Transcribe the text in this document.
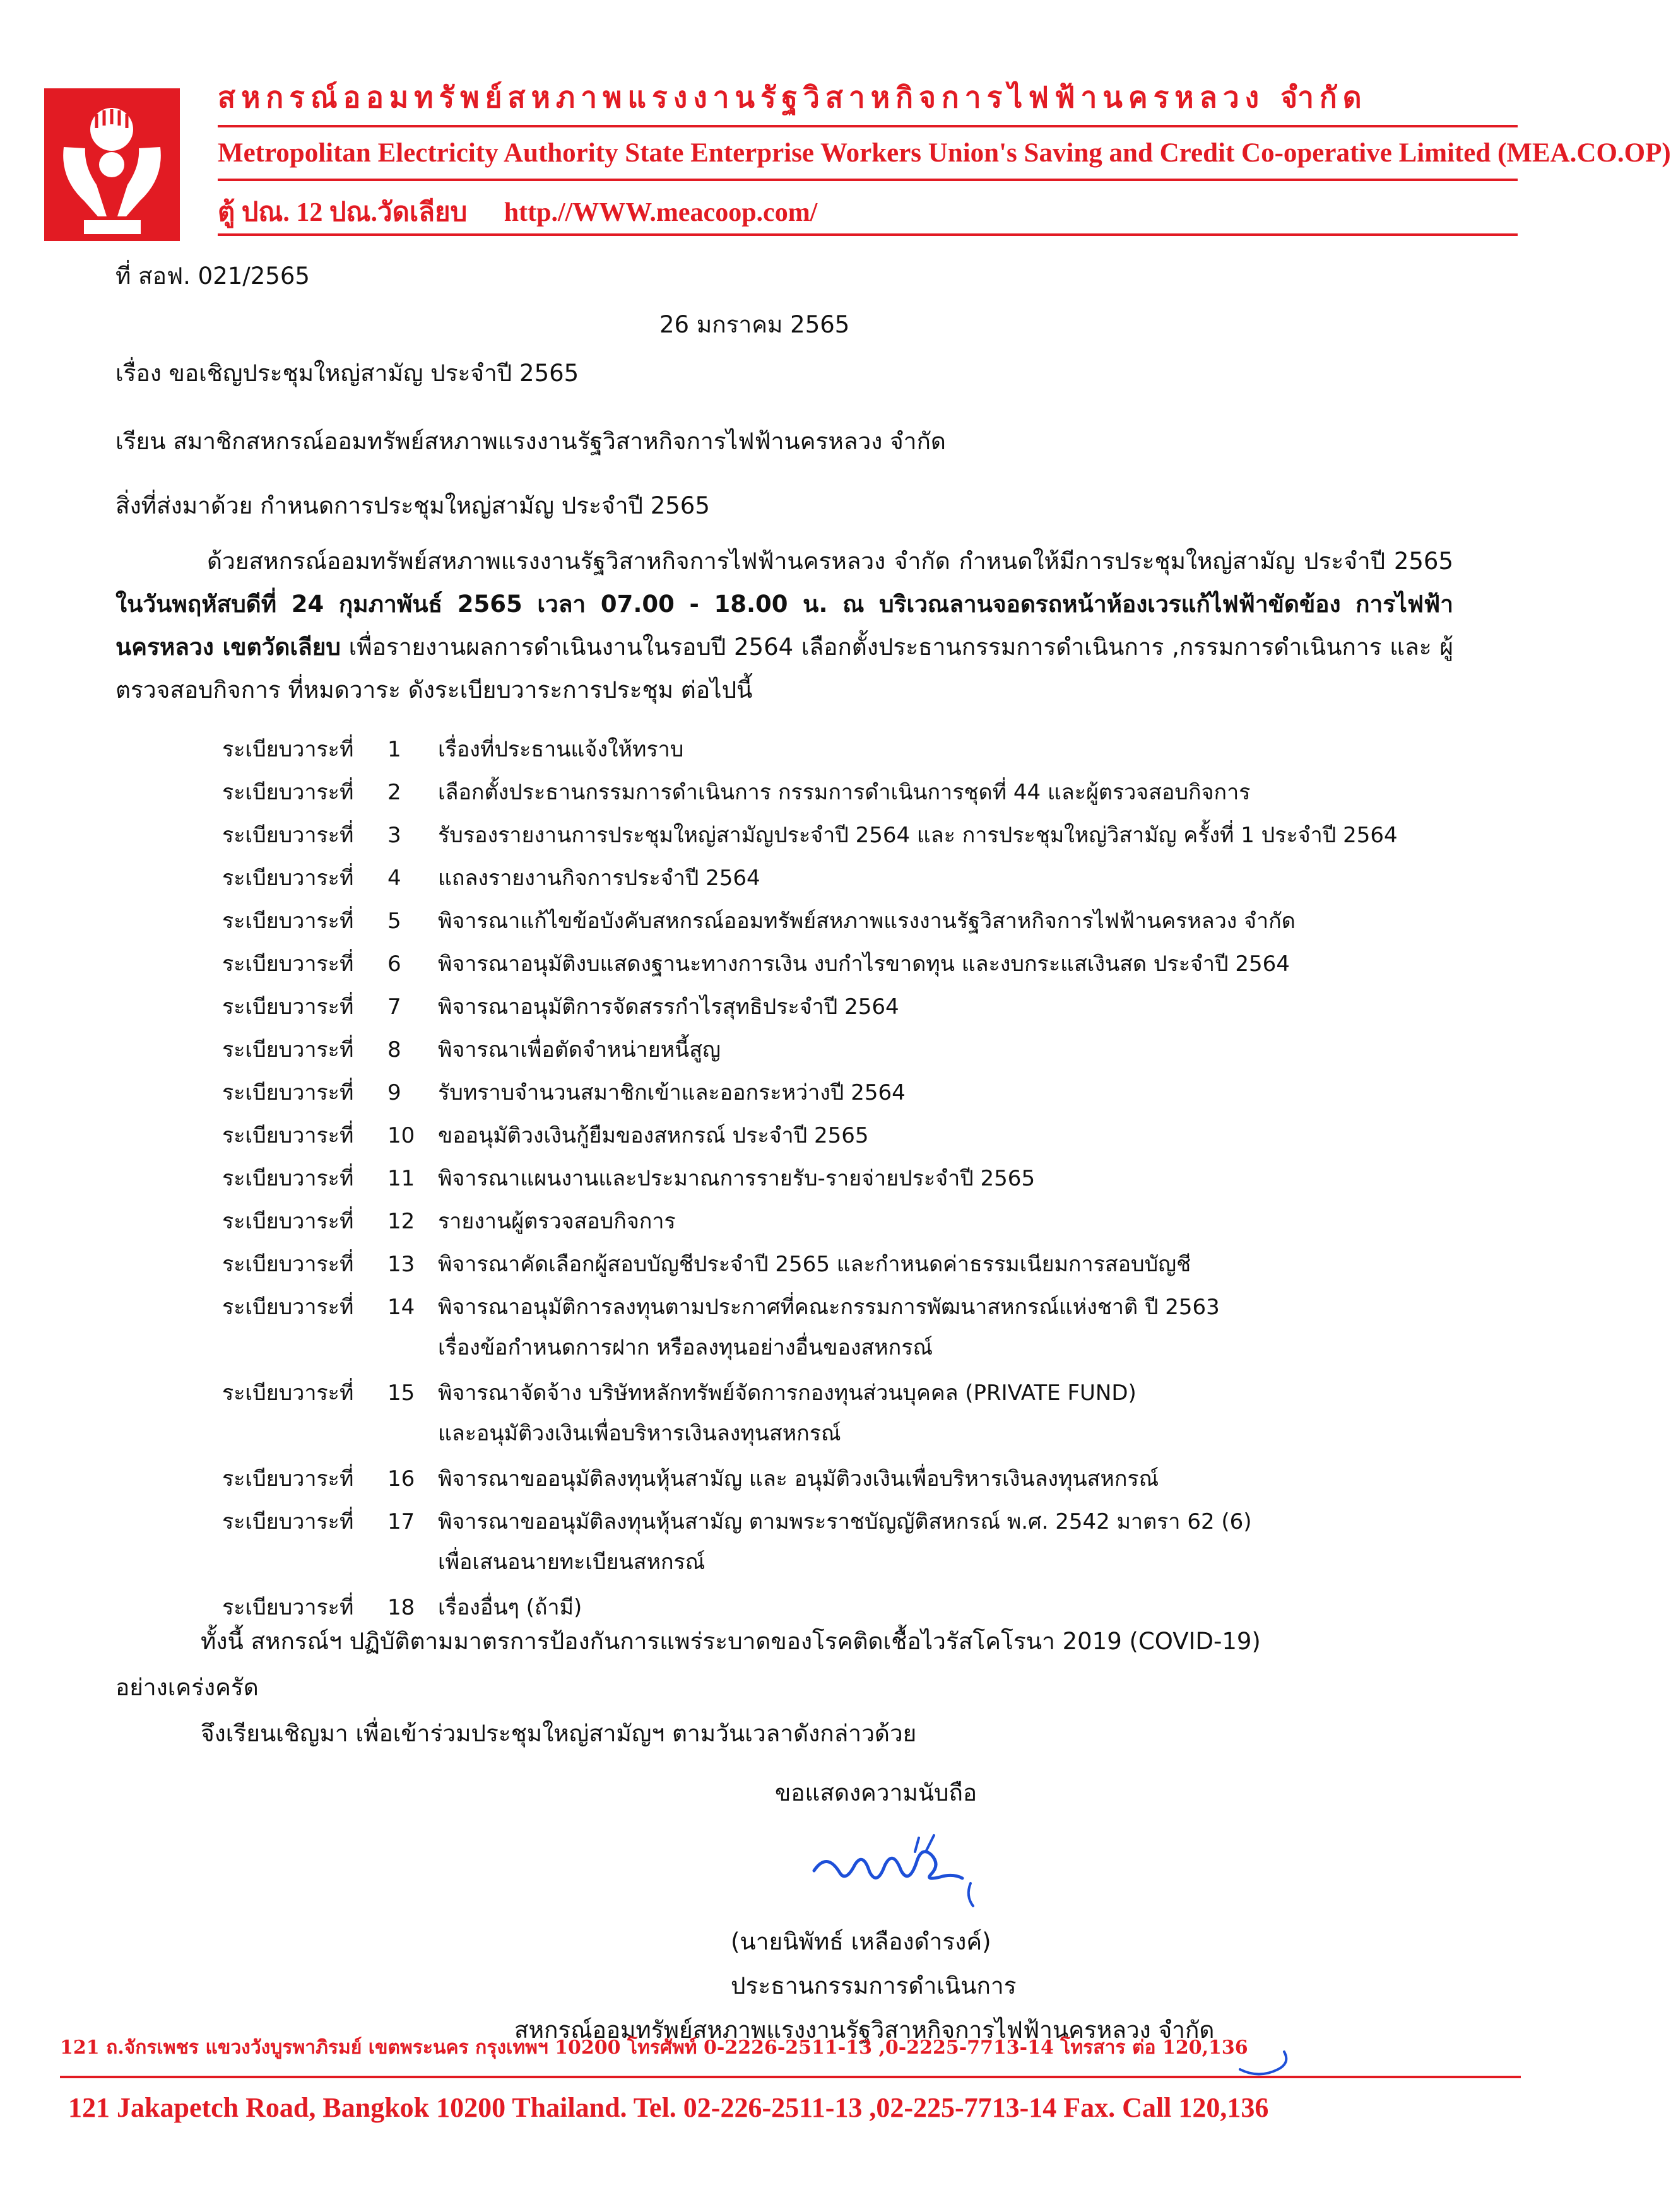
สหกรณ์ออมทรัพย์สหภาพแรงงานรัฐวิสาหกิจการไฟฟ้านครหลวง จำกัด
Metropolitan Electricity Authority State Enterprise Workers Union's Saving and Credit Co-operative Limited (MEA.CO.OP)
ตู้ ปณ. 12 ปณ.วัดเลียบ http.//WWW.meacoop.com/
ที่ สอฟ. 021/2565
26 มกราคม 2565
เรื่อง ขอเชิญประชุมใหญ่สามัญ ประจำปี 2565
เรียน สมาชิกสหกรณ์ออมทรัพย์สหภาพแรงงานรัฐวิสาหกิจการไฟฟ้านครหลวง จำกัด
สิ่งที่ส่งมาด้วย กำหนดการประชุมใหญ่สามัญ ประจำปี 2565
ด้วยสหกรณ์ออมทรัพย์สหภาพแรงงานรัฐวิสาหกิจการไฟฟ้านครหลวง จำกัด กำหนดให้มีการประชุมใหญ่สามัญ ประจำปี 2565 ในวันพฤหัสบดีที่ 24 กุมภาพันธ์ 2565 เวลา 07.00 - 18.00 น. ณ บริเวณลานจอดรถหน้าห้องเวรแก้ไฟฟ้าขัดข้อง การไฟฟ้านครหลวง เขตวัดเลียบ เพื่อรายงานผลการดำเนินงานในรอบปี 2564 เลือกตั้งประธานกรรมการดำเนินการ ,กรรมการดำเนินการ และ ผู้ตรวจสอบกิจการ ที่หมดวาระ ดังระเบียบวาระการประชุม ต่อไปนี้
ระเบียบวาระที่ 1 เรื่องที่ประธานแจ้งให้ทราบ
ระเบียบวาระที่ 2 เลือกตั้งประธานกรรมการดำเนินการ กรรมการดำเนินการชุดที่ 44 และผู้ตรวจสอบกิจการ
ระเบียบวาระที่ 3 รับรองรายงานการประชุมใหญ่สามัญประจำปี 2564 และ การประชุมใหญ่วิสามัญ ครั้งที่ 1 ประจำปี 2564
ระเบียบวาระที่ 4 แถลงรายงานกิจการประจำปี 2564
ระเบียบวาระที่ 5 พิจารณาแก้ไขข้อบังคับสหกรณ์ออมทรัพย์สหภาพแรงงานรัฐวิสาหกิจการไฟฟ้านครหลวง จำกัด
ระเบียบวาระที่ 6 พิจารณาอนุมัติงบแสดงฐานะทางการเงิน งบกำไรขาดทุน และงบกระแสเงินสด ประจำปี 2564
ระเบียบวาระที่ 7 พิจารณาอนุมัติการจัดสรรกำไรสุทธิประจำปี 2564
ระเบียบวาระที่ 8 พิจารณาเพื่อตัดจำหน่ายหนี้สูญ
ระเบียบวาระที่ 9 รับทราบจำนวนสมาชิกเข้าและออกระหว่างปี 2564
ระเบียบวาระที่ 10 ขออนุมัติวงเงินกู้ยืมของสหกรณ์ ประจำปี 2565
ระเบียบวาระที่ 11 พิจารณาแผนงานและประมาณการรายรับ-รายจ่ายประจำปี 2565
ระเบียบวาระที่ 12 รายงานผู้ตรวจสอบกิจการ
ระเบียบวาระที่ 13 พิจารณาคัดเลือกผู้สอบบัญชีประจำปี 2565 และกำหนดค่าธรรมเนียมการสอบบัญชี
ระเบียบวาระที่ 14 พิจารณาอนุมัติการลงทุนตามประกาศที่คณะกรรมการพัฒนาสหกรณ์แห่งชาติ ปี 2563
เรื่องข้อกำหนดการฝาก หรือลงทุนอย่างอื่นของสหกรณ์
ระเบียบวาระที่ 15 พิจารณาจัดจ้าง บริษัทหลักทรัพย์จัดการกองทุนส่วนบุคคล (PRIVATE FUND)
และอนุมัติวงเงินเพื่อบริหารเงินลงทุนสหกรณ์
ระเบียบวาระที่ 16 พิจารณาขออนุมัติลงทุนหุ้นสามัญ และ อนุมัติวงเงินเพื่อบริหารเงินลงทุนสหกรณ์
ระเบียบวาระที่ 17 พิจารณาขออนุมัติลงทุนหุ้นสามัญ ตามพระราชบัญญัติสหกรณ์ พ.ศ. 2542 มาตรา 62 (6)
เพื่อเสนอนายทะเบียนสหกรณ์
ระเบียบวาระที่ 18 เรื่องอื่นๆ (ถ้ามี)
ทั้งนี้ สหกรณ์ฯ ปฏิบัติตามมาตรการป้องกันการแพร่ระบาดของโรคติดเชื้อไวรัสโคโรนา 2019 (COVID-19)
อย่างเคร่งครัด
จึงเรียนเชิญมา เพื่อเข้าร่วมประชุมใหญ่สามัญฯ ตามวันเวลาดังกล่าวด้วย
ขอแสดงความนับถือ
(นายนิพัทธ์ เหลืองดำรงค์)
ประธานกรรมการดำเนินการ
สหกรณ์ออมทรัพย์สหภาพแรงงานรัฐวิสาหกิจการไฟฟ้านครหลวง จำกัด
121 ถ.จักรเพชร แขวงวังบูรพาภิรมย์ เขตพระนคร กรุงเทพฯ 10200 โทรศัพท์ 0-2226-2511-13 ,0-2225-7713-14 โทรสาร ต่อ 120,136
121 Jakapetch Road, Bangkok 10200 Thailand. Tel. 02-226-2511-13 ,02-225-7713-14 Fax. Call 120,136
